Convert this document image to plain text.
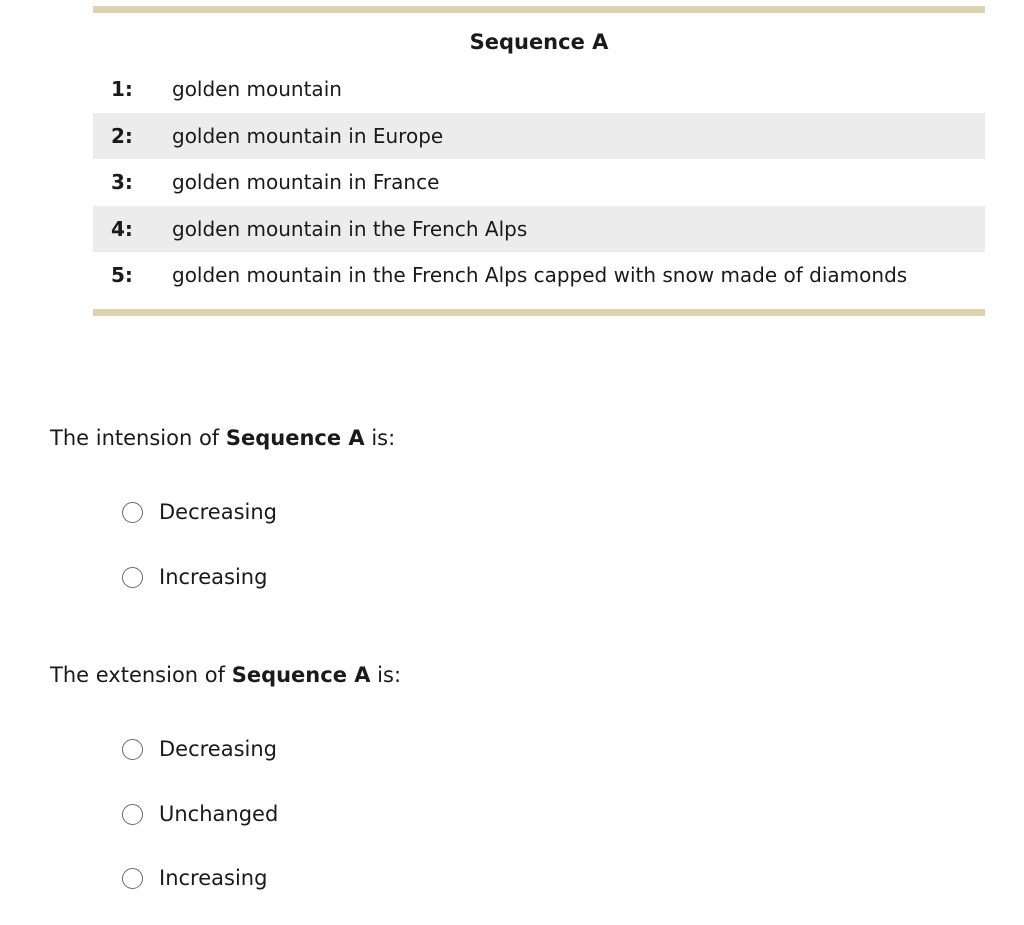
Sequence A
1:	golden mountain
2:	golden mountain in Europe
3:	golden mountain in France
4:	golden mountain in the French Alps
5:	golden mountain in the French Alps capped with snow made of diamonds
The intension of Sequence A is:
Decreasing
Increasing
The extension of Sequence A is:
Decreasing
Unchanged
Increasing
